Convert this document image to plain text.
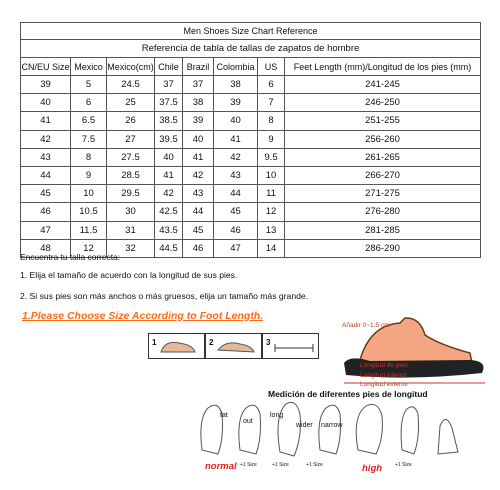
Men Shoes Size Chart Reference							
Referencia de tabla de tallas de zapatos de hombre							
CN/EU Size	Mexico	Mexico(cm)	Chile	Brazil	Colombia	US	Feet Length (mm)/Longitud de los pies (mm)
39	5	24.5	37	37	38	6	241-245
40	6	25	37.5	38	39	7	246-250
41	6.5	26	38.5	39	40	8	251-255
42	7.5	27	39.5	40	41	9	256-260
43	8	27.5	40	41	42	9.5	261-265
44	9	28.5	41	42	43	10	266-270
45	10	29.5	42	43	44	11	271-275
46	10.5	30	42.5	44	45	12	276-280
47	11.5	31	43.5	45	46	13	281-285
48	12	32	44.5	46	47	14	286-290
Encuentra tu talla correcta:
1. Elija el tamaño de acuerdo con la longitud de sus pies.
2. Si sus pies son más anchos o más gruesos, elija un tamaño más grande.
1.Please Choose Size According to Foot Length.
1	2	3
Añadir 0~1.5 cm
Longitud de pies
Longitud interior
Longitud exterior
Medición de diferentes pies de longitud
fat
out
long
wider narrow
normal	high
+1 Size	+1 Size	+1 Size	+1 Size
